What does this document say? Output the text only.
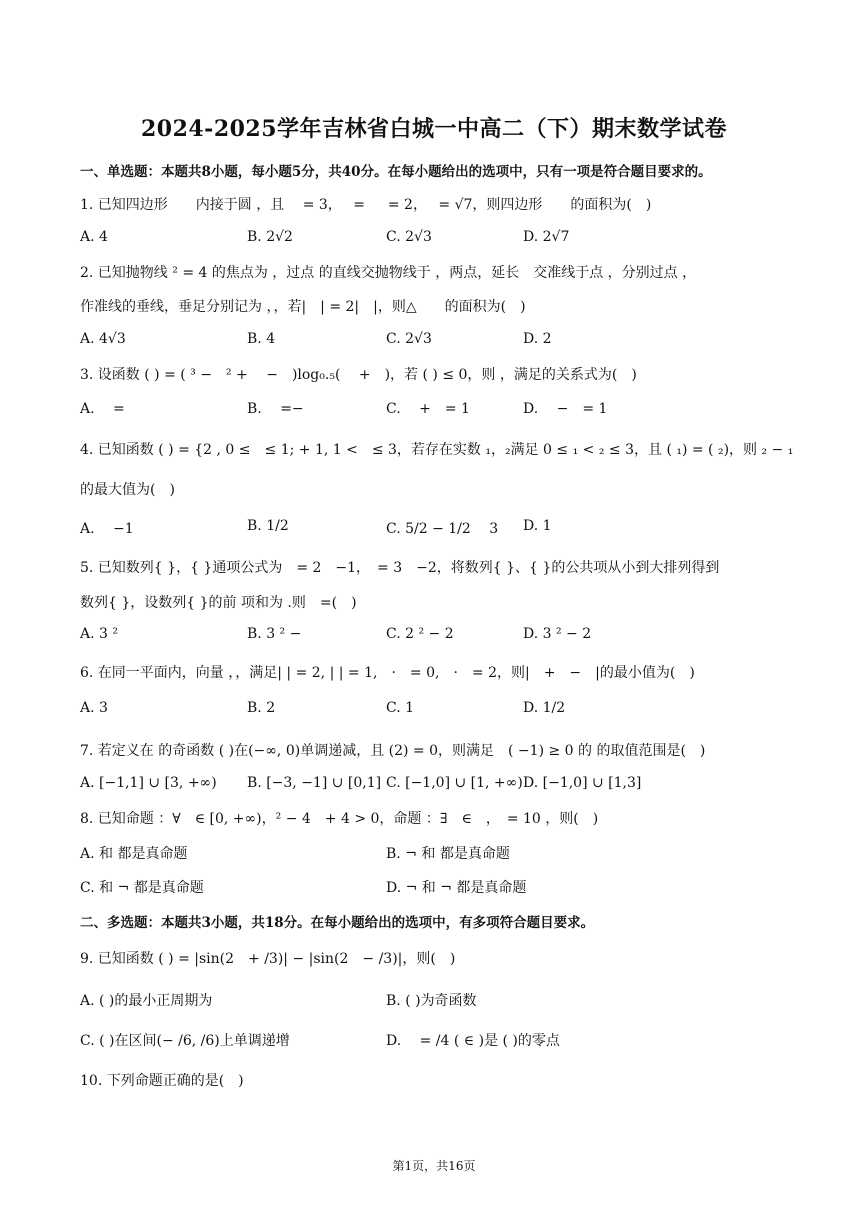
2024-2025学年吉林省白城一中高二（下）期末数学试卷
一、单选题：本题共8小题，每小题5分，共40分。在每小题给出的选项中，只有一项是符合题目要求的。
1. 已知四边形　　内接于圆 ，且　 = 3，　 = 　 = 2，　 = √7，则四边形　　的面积为(　)
A. 4	B. 2√2	C. 2√3	D. 2√7
2. 已知抛物线 ² = 4 的焦点为 ，过点 的直线交抛物线于 ，两点，延长　交准线于点 ，分别过点 ，
作准线的垂线，垂足分别记为 ，，若|　| = 2|　|，则△　　的面积为(　)
A. 4√3	B. 4	C. 2√3	D. 2
3. 设函数 ( ) = ( ³ −　² + 　−　)log₀.₅( 　+　)，若 ( ) ≤ 0，则 ，满足的关系式为(　)
A. 　=	B. 　=−	C. 　+　= 1	D. 　−　= 1
4. 已知函数 ( ) = {2 , 0 ≤　≤ 1; + 1, 1 <　≤ 3，若存在实数 ₁，₂满足 0 ≤ ₁ < ₂ ≤ 3，且 ( ₁) = ( ₂)，则 ₂ − ₁
的最大值为(　)
A. 　−1	B. 1/2	C. 5/2 − 1/2 　3 D. 1
5. 已知数列{ }，{ }通项公式为　= 2　−1，　= 3　−2，将数列{ }、{ }的公共项从小到大排列得到
数列{ }，设数列{ }的前 项和为 .则　=(　)
A. 3 ²	B. 3 ² −	C. 2 ² − 2	D. 3 ² − 2
6. 在同一平面内，向量 ，，满足| | = 2, | | = 1,　·　= 0,　·　= 2，则|　+　−　|的最小值为(　)
A. 3	B. 2	C. 1	D. 1/2
7. 若定义在 的奇函数 ( )在(−∞, 0)单调递减，且 (2) = 0，则满足　( −1) ≥ 0 的 的取值范围是(　)
A. [−1,1] ∪ [3, +∞) B. [−3, −1] ∪ [0,1] C. [−1,0] ∪ [1, +∞) D. [−1,0] ∪ [1,3]
8. 已知命题 ：∀　∈ [0, +∞)，² − 4　+ 4 > 0，命题 ：∃　∈　，　= 10 ，则(　)
A. 和 都是真命题	B. ¬ 和 都是真命题
C. 和 ¬ 都是真命题	D. ¬ 和 ¬ 都是真命题
二、多选题：本题共3小题，共18分。在每小题给出的选项中，有多项符合题目要求。
9. 已知函数 ( ) = |sin(2　+ /3)| − |sin(2　− /3)|，则(　)
A. ( )的最小正周期为	B. ( )为奇函数
C. ( )在区间(− /6, /6)上单调递增	D. 　= /4 ( ∈ )是 ( )的零点
10. 下列命题正确的是(　)
第1页，共16页
